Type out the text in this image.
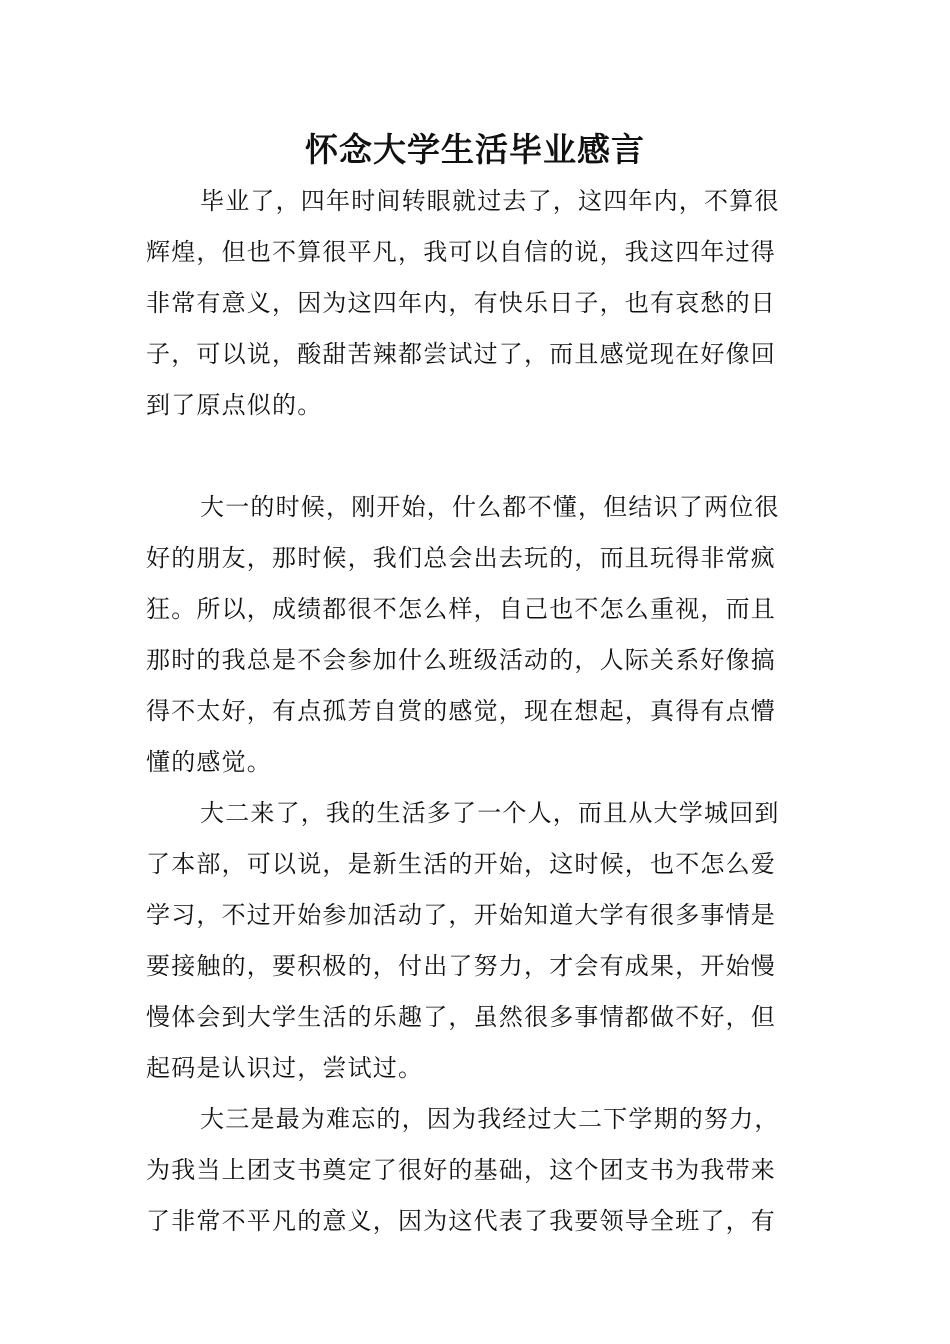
怀念大学生活毕业感言
毕业了，四年时间转眼就过去了，这四年内，不算很
辉煌，但也不算很平凡，我可以自信的说，我这四年过得
非常有意义，因为这四年内，有快乐日子，也有哀愁的日
子，可以说，酸甜苦辣都尝试过了，而且感觉现在好像回
到了原点似的。
大一的时候，刚开始，什么都不懂，但结识了两位很
好的朋友，那时候，我们总会出去玩的，而且玩得非常疯
狂。所以，成绩都很不怎么样，自己也不怎么重视，而且
那时的我总是不会参加什么班级活动的，人际关系好像搞
得不太好，有点孤芳自赏的感觉，现在想起，真得有点懵
懂的感觉。
大二来了，我的生活多了一个人，而且从大学城回到
了本部，可以说，是新生活的开始，这时候，也不怎么爱
学习，不过开始参加活动了，开始知道大学有很多事情是
要接触的，要积极的，付出了努力，才会有成果，开始慢
慢体会到大学生活的乐趣了，虽然很多事情都做不好，但
起码是认识过，尝试过。
大三是最为难忘的，因为我经过大二下学期的努力，
为我当上团支书奠定了很好的基础，这个团支书为我带来
了非常不平凡的意义，因为这代表了我要领导全班了，有
